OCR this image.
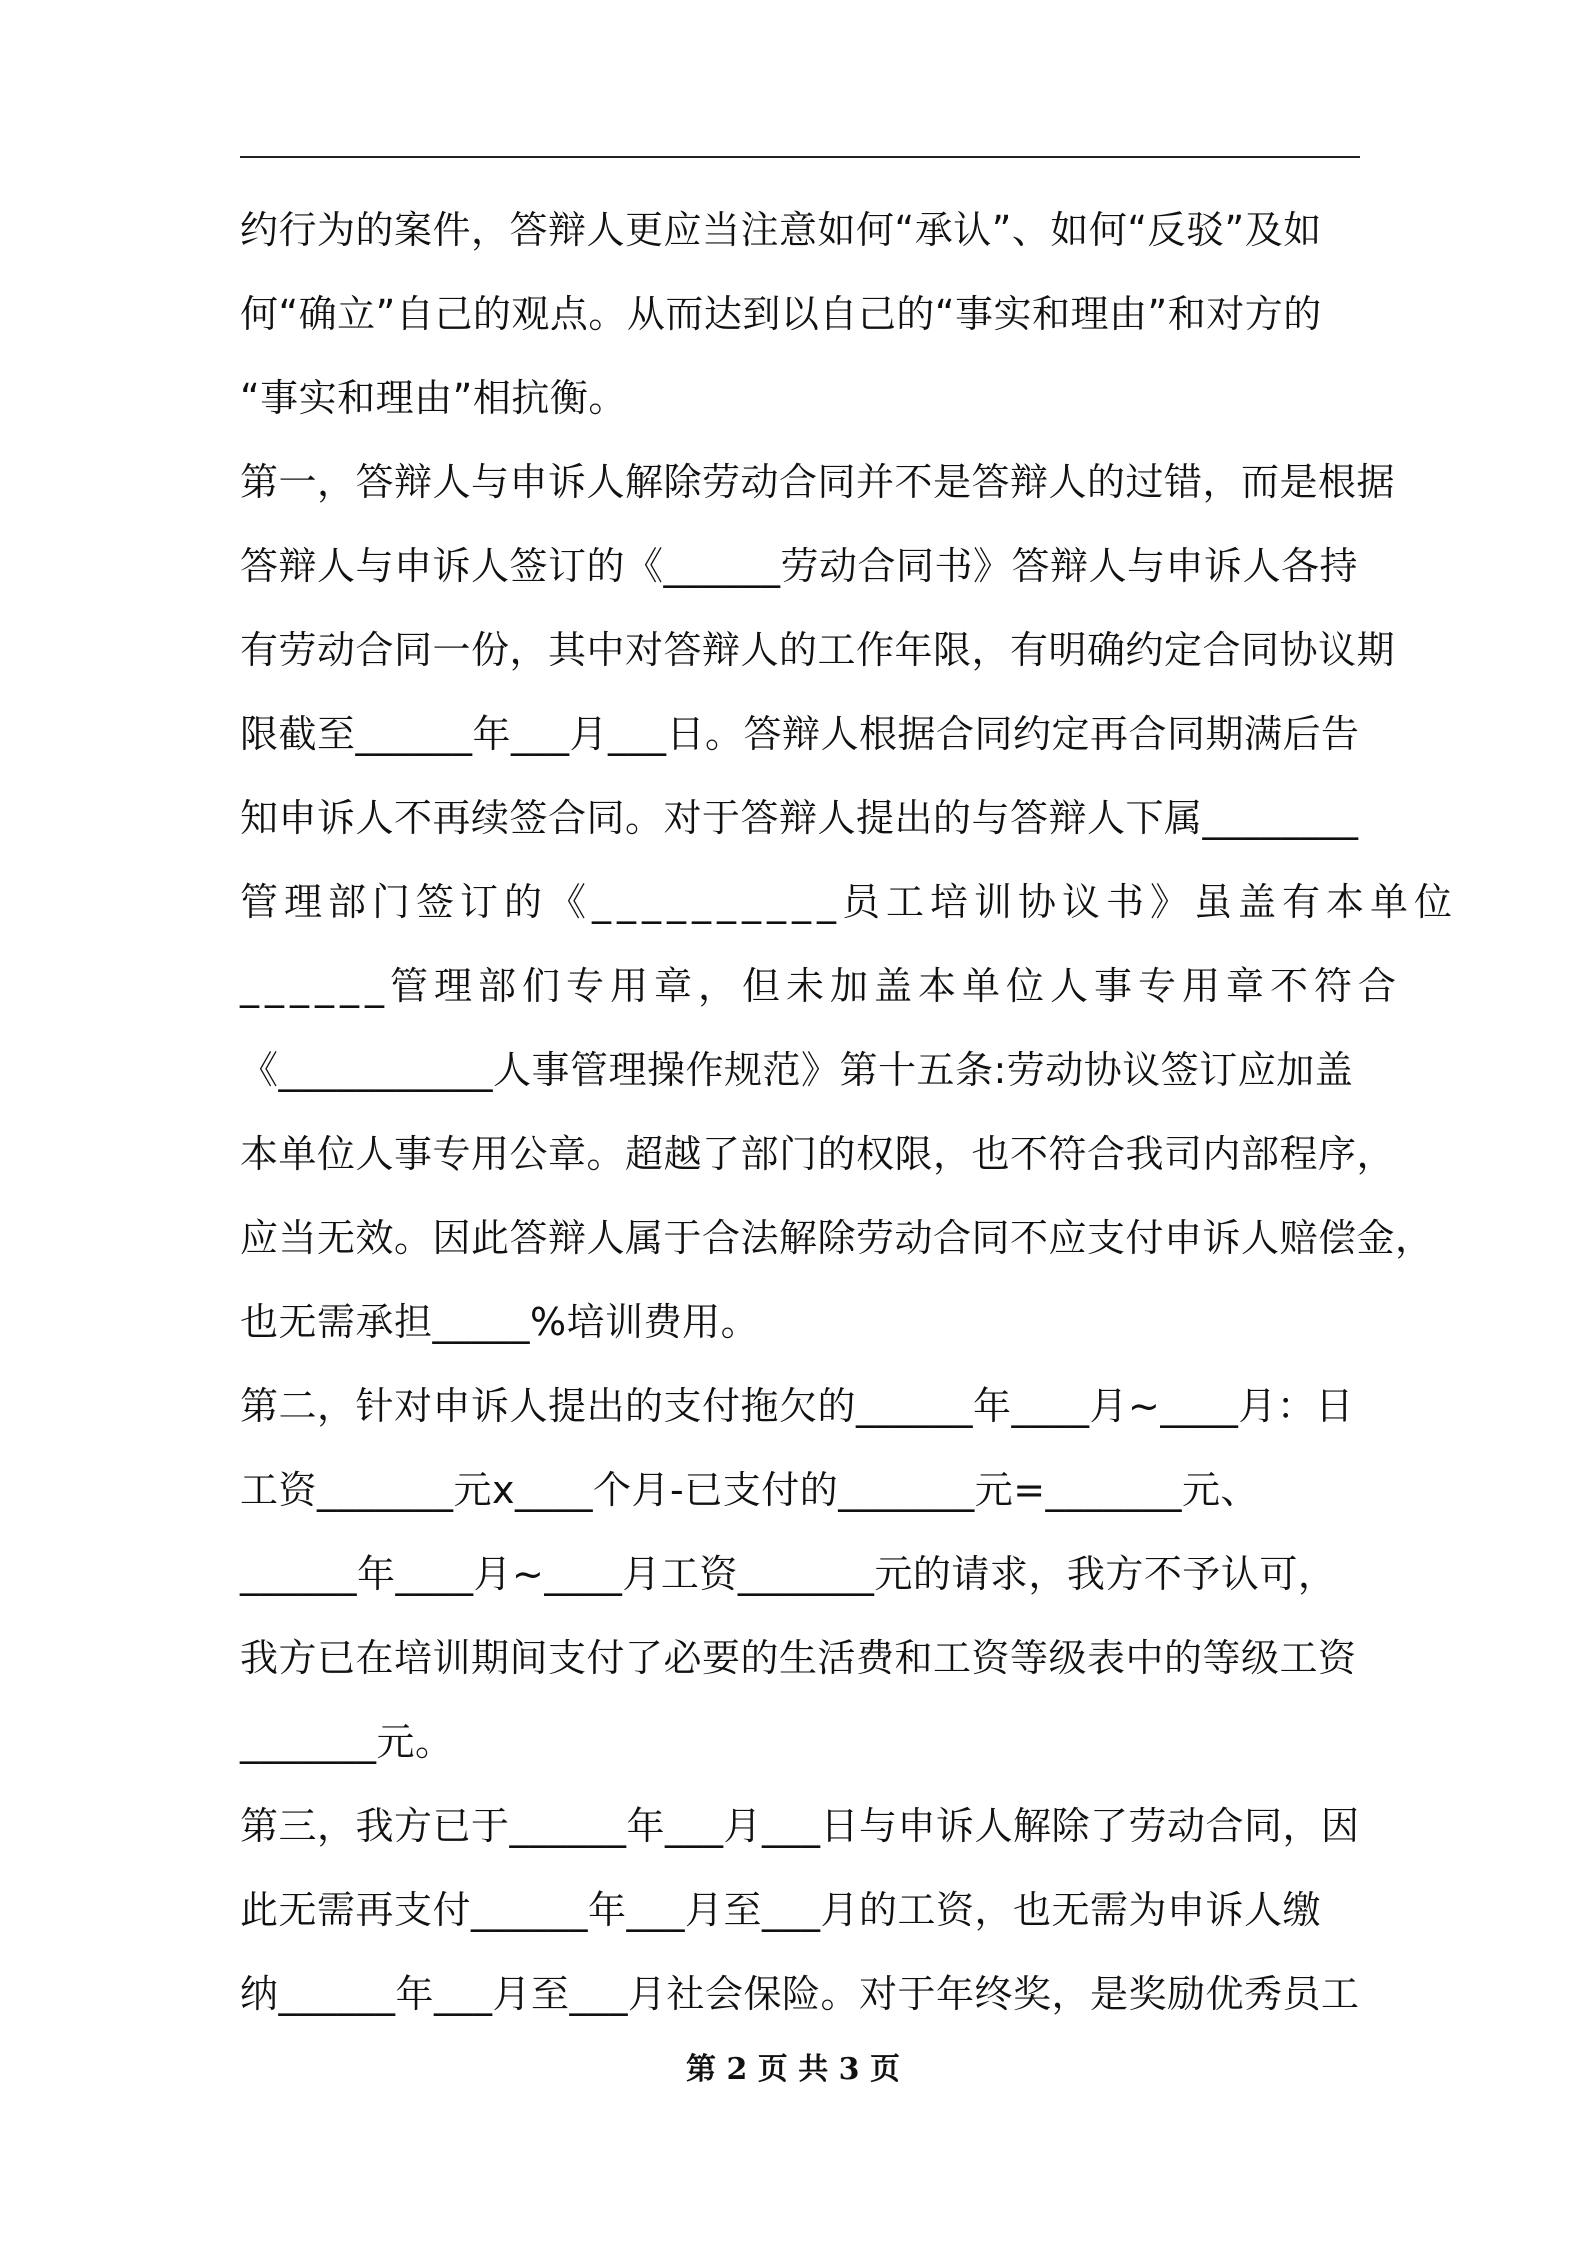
约行为的案件，答辩人更应当注意如何“承认”、如何“反驳”及如
何“确立”自己的观点。从而达到以自己的“事实和理由”和对方的
“事实和理由”相抗衡。
第一，答辩人与申诉人解除劳动合同并不是答辩人的过错，而是根据
答辩人与申诉人签订的《______劳动合同书》答辩人与申诉人各持
有劳动合同一份，其中对答辩人的工作年限，有明确约定合同协议期
限截至______年___月___日。答辩人根据合同约定再合同期满后告
知申诉人不再续签合同。对于答辩人提出的与答辩人下属________
管理部门签订的《__________员工培训协议书》虽盖有本单位
______管理部们专用章，但未加盖本单位人事专用章不符合
《___________人事管理操作规范》第十五条:劳动协议签订应加盖
本单位人事专用公章。超越了部门的权限，也不符合我司内部程序，
应当无效。因此答辩人属于合法解除劳动合同不应支付申诉人赔偿金，
也无需承担_____%培训费用。
第二，针对申诉人提出的支付拖欠的______年____月~____月：日
工资_______元x____个月-已支付的_______元=_______元、
______年____月~____月工资_______元的请求，我方不予认可，
我方已在培训期间支付了必要的生活费和工资等级表中的等级工资
_______元。
第三，我方已于______年___月___日与申诉人解除了劳动合同，因
此无需再支付______年___月至___月的工资，也无需为申诉人缴
纳______年___月至___月社会保险。对于年终奖，是奖励优秀员工
第 2 页 共 3 页
